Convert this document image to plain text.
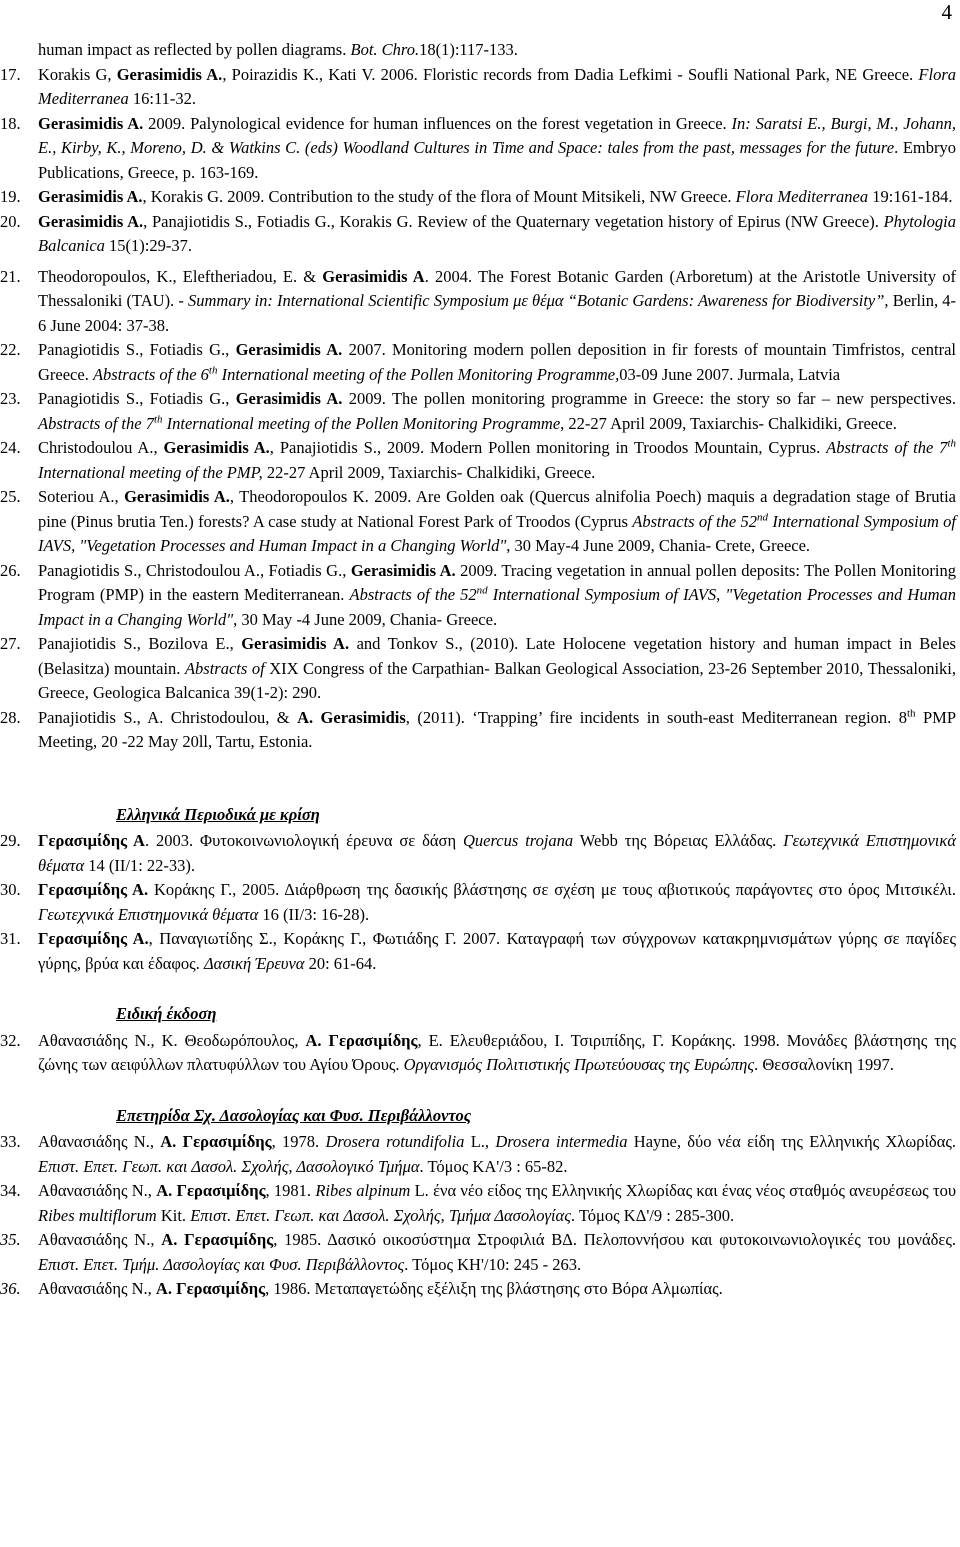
4
human impact as reflected by pollen diagrams. Bot. Chro.18(1):117-133.
17.	Korakis G, Gerasimidis A., Poirazidis K., Kati V. 2006. Floristic records from Dadia Lefkimi - Soufli National Park, NE Greece. Flora Mediterranea 16:11-32.
18.	Gerasimidis A. 2009. Palynological evidence for human influences on the forest vegetation in Greece. In: Saratsi E., Burgi, M., Johann, E., Kirby, K., Moreno, D. & Watkins C. (eds) Woodland Cultures in Time and Space: tales from the past, messages for the future. Embryo Publications, Greece, p. 163-169.
19.	Gerasimidis A., Korakis G. 2009. Contribution to the study of the flora of Mount Mitsikeli, NW Greece. Flora Mediterranea 19:161-184.
20.	Gerasimidis A., Panajiotidis S., Fotiadis G., Korakis G. Review of the Quaternary vegetation history of Epirus (NW Greece). Phytologia Balcanica 15(1):29-37.
21.	Theodoropoulos, K., Eleftheriadou, E. & Gerasimidis A. 2004. The Forest Botanic Garden (Arboretum) at the Aristotle University of Thessaloniki (TAU). - Summary in: International Scientific Symposium με θέμα “Botanic Gardens: Awareness for Biodiversity”, Berlin, 4-6 June 2004: 37-38.
22.	Panagiotidis S., Fotiadis G., Gerasimidis A. 2007. Monitoring modern pollen deposition in fir forests of mountain Timfristos, central Greece. Abstracts of the 6th International meeting of the Pollen Monitoring Programme,03-09 June 2007. Jurmala, Latvia
23.	Panagiotidis S., Fotiadis G., Gerasimidis A. 2009. The pollen monitoring programme in Greece: the story so far – new perspectives. Abstracts of the 7th International meeting of the Pollen Monitoring Programme, 22-27 April 2009, Taxiarchis- Chalkidiki, Greece.
24.	Christodoulou A., Gerasimidis A., Panajiotidis S., 2009. Modern Pollen monitoring in Troodos Mountain, Cyprus. Abstracts of the 7th International meeting of the PMP, 22-27 April 2009, Taxiarchis- Chalkidiki, Greece.
25.	Soteriou A., Gerasimidis A., Theodoropoulos K. 2009. Are Golden oak (Quercus alnifolia Poech) maquis a degradation stage of Brutia pine (Pinus brutia Ten.) forests? A case study at National Forest Park of Troodos (Cyprus Abstracts of the 52nd International Symposium of IAVS, "Vegetation Processes and Human Impact in a Changing World", 30 May-4 June 2009, Chania- Crete, Greece.
26.	Panagiotidis S., Christodoulou A., Fotiadis G., Gerasimidis A. 2009. Tracing vegetation in annual pollen deposits: The Pollen Monitoring Program (PMP) in the eastern Mediterranean. Abstracts of the 52nd International Symposium of IAVS, "Vegetation Processes and Human Impact in a Changing World", 30 May -4 June 2009, Chania- Greece.
27.	Panajiotidis S., Bozilova E., Gerasimidis A. and Tonkov S., (2010). Late Holocene vegetation history and human impact in Beles (Belasitza) mountain. Abstracts of XIX Congress of the Carpathian- Balkan Geological Association, 23-26 September 2010, Thessaloniki, Greece, Geologica Balcanica 39(1-2): 290.
28.	Panajiotidis S., A. Christodoulou, & A. Gerasimidis, (2011). ‘Trapping’ fire incidents in south-east Mediterranean region. 8th PMP Meeting, 20 -22 May 20ll, Tartu, Estonia.
Ελληνικά Περιοδικά με κρίση
29.	Γερασιμίδης Α. 2003. Φυτοκοινωνιολογική έρευνα σε δάση Quercus trojana Webb της Βόρειας Ελλάδας. Γεωτεχνικά Επιστημονικά θέματα 14 (ΙΙ/1: 22-33).
30.	Γερασιμίδης Α. Κοράκης Γ., 2005. Διάρθρωση της δασικής βλάστησης σε σχέση με τους αβιοτικούς παράγοντες στο όρος Μιτσικέλι. Γεωτεχνικά Επιστημονικά θέματα 16 (ΙΙ/3: 16-28).
31.	Γερασιμίδης Α., Παναγιωτίδης Σ., Κοράκης Γ., Φωτιάδης Γ. 2007. Καταγραφή των σύγχρονων κατακρημνισμάτων γύρης σε παγίδες γύρης, βρύα και έδαφος. Δασική Έρευνα 20: 61-64.
Ειδική έκδοση
32.	Αθανασιάδης Ν., Κ. Θεοδωρόπουλος, Α. Γερασιμίδης, Ε. Ελευθεριάδου, Ι. Τσιριπίδης, Γ. Κοράκης. 1998. Μονάδες βλάστησης της ζώνης των αειφύλλων πλατυφύλλων του Αγίου Όρους. Οργανισμός Πολιτιστικής Πρωτεύουσας της Ευρώπης. Θεσσαλονίκη 1997.
Επετηρίδα Σχ. Δασολογίας και Φυσ. Περιβάλλοντος
33.	Αθανασιάδης Ν., Α. Γερασιμίδης, 1978. Drosera rotundifolia L., Drosera intermedia Hayne, δύο νέα είδη της Ελληνικής Χλωρίδας. Επιστ. Επετ. Γεωπ. και Δασολ. Σχολής, Δασολογικό Τμήμα. Τόμος ΚΑ'/3 : 65-82.
34.	Αθανασιάδης Ν., Α. Γερασιμίδης, 1981. Ribes alpinum L. ένα νέο είδος της Ελληνικής Χλωρίδας και ένας νέος σταθμός ανευρέσεως του Ribes multiflorum Kit. Επιστ. Επετ. Γεωπ. και Δασολ. Σχολής, Τμήμα Δασολογίας. Τόμος ΚΔ'/9 : 285-300.
35.	Αθανασιάδης Ν., Α. Γερασιμίδης, 1985. Δασικό οικοσύστημα Στροφιλιά ΒΔ. Πελοποννήσου και φυτοκοινωνιολογικές του μονάδες. Επιστ. Επετ. Τμήμ. Δασολογίας και Φυσ. Περιβάλλοντος. Τόμος ΚΗ'/10: 245 - 263.
36.	Αθανασιάδης Ν., Α. Γερασιμίδης, 1986. Μεταπαγετώδης εξέλιξη της βλάστησης στο Βόρα Αλμωπίας.
